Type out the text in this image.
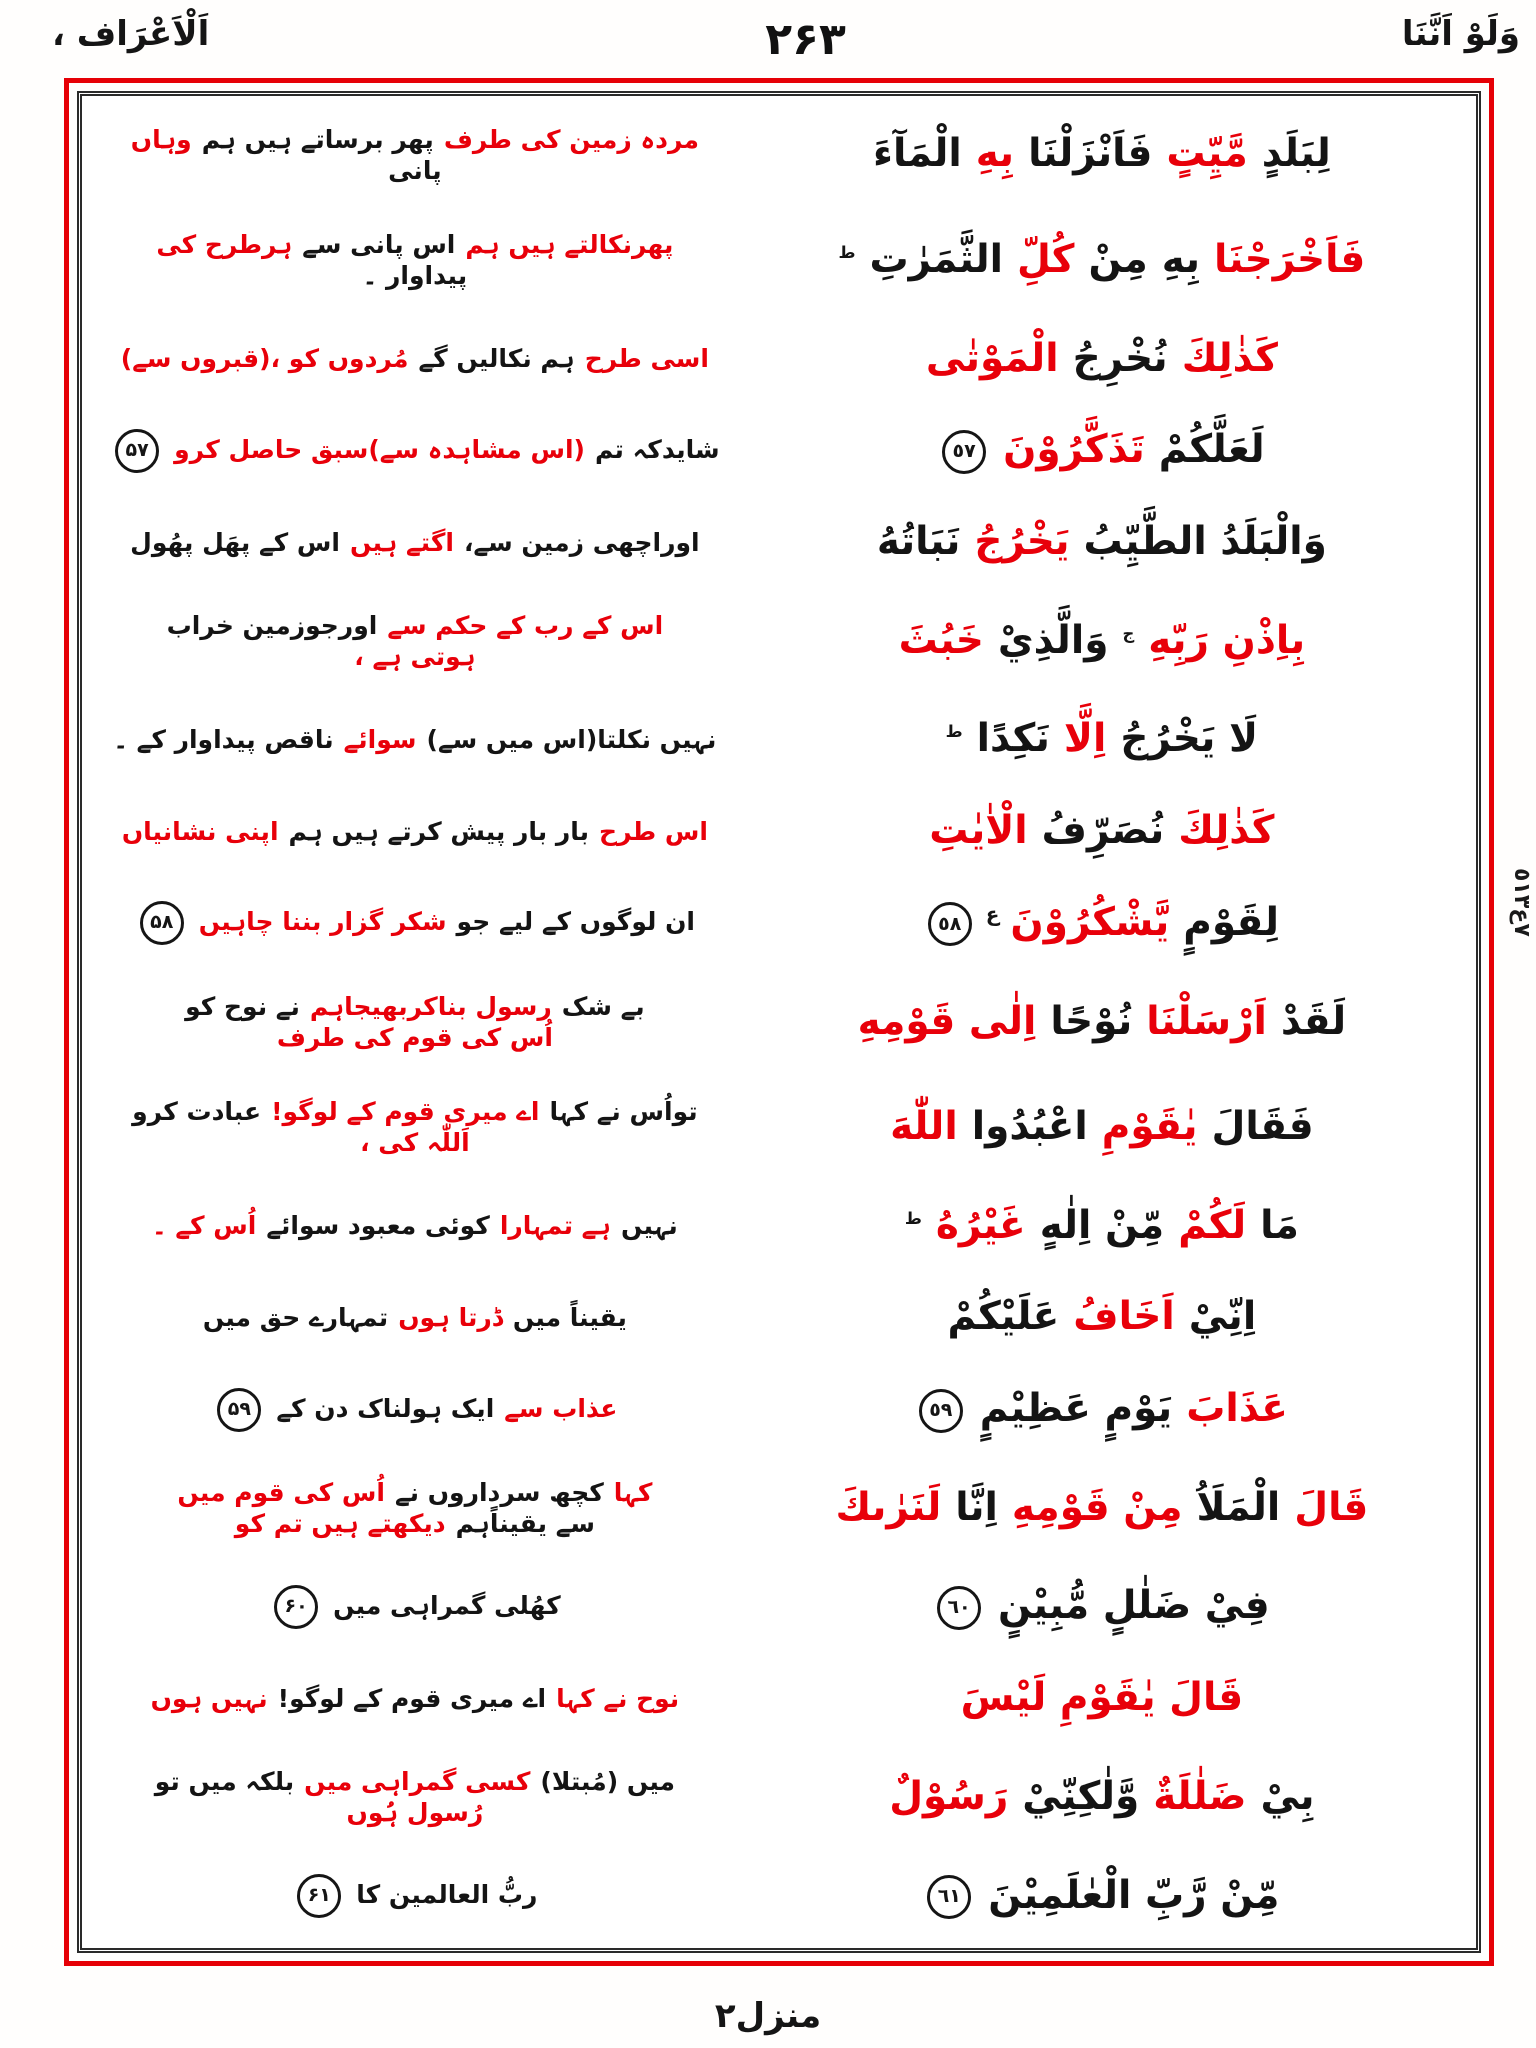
اَلْاَعْرَاف ،	۲۶۳	وَلَوْ اَنَّنَا
مردہ زمین کی طرفپھر برساتے ہیں ہموہاںپانی	لِبَلَدٍمَّيِّتٍفَاَنْزَلْنَابِهِالْمَآءَ
پھرنکالتے ہیں ہماس پانی سےہرطرح کیپیداوار ۔	فَاَخْرَجْنَابِهِمِنْكُلِّالثَّمَرٰتِط
اسی طرحہم نکالیں گےمُردوں کو ،(قبروں سے)	كَذٰلِكَنُخْرِجُالْمَوْتٰى
شایدکہ تم(اس مشاہدہ سے)سبق حاصل کرو۵۷	لَعَلَّكُمْتَذَكَّرُوْنَ٥٧
اوراچھی زمین سے،اگتے ہیںاس کے پھَل پھُول	وَالْبَلَدُ الطَّيِّبُيَخْرُجُنَبَاتُهُ
اس کے رب کے حکم سےاورجوزمین خرابہوتی ہے ،	بِاِذْنِ رَبِّهِجوَالَّذِيْخَبُثَ
نہیں نکلتا(اس میں سے)سوائےناقص پیداوار کے ۔	لَا يَخْرُجُاِلَّانَكِدًاط
اس طرحبار بار پیش کرتے ہیں ہماپنی نشانیاں	كَذٰلِكَنُصَرِّفُالْاٰيٰتِ
ان لوگوں کے لیے جوشکر گزار بننا چاہیں۵۸	لِقَوْمٍيَّشْكُرُوْنَ$^ع$٥٨
بے شکرسول بناکربھیجاہمنے نوح کواُس کی قوم کی طرف	لَقَدْاَرْسَلْنَانُوْحًااِلٰى قَوْمِهِ
تواُس نے کہااے میری قوم کے لوگو!عبادت کرواَللّٰہ کی ،	فَقَالَيٰقَوْمِاعْبُدُوااللّٰهَ
نہیںہے تمہاراکوئی معبود سوائےاُس کے ۔	مَالَكُمْمِّنْ اِلٰهٍغَيْرُهُط
یقیناً میںڈرتا ہوںتمہارے حق میں	اِنِّيْاَخَافُعَلَيْكُمْ
عذاب سےایک ہولناک دن کے۵۹	عَذَابَيَوْمٍ عَظِيْمٍ٥٩
کہاکچھ سرداروں نےاُس کی قوم میںسے یقیناًہمدیکھتے ہیں تم کو	قَالَالْمَلَاُمِنْ قَوْمِهِاِنَّالَنَرٰىكَ
کھُلی گمراہی میں۶۰	فِيْ ضَلٰلٍ مُّبِيْنٍ٦٠
نوح نے کہااے میری قوم کے لوگو!نہیں ہوں	قَالَ يٰقَوْمِ لَيْسَ
میں (مُبتلا)کسی گمراہی میںبلکہ میں تورُسول ہُوں	بِيْضَلٰلَةٌوَّلٰكِنِّيْرَسُوْلٌ
ربُّ العالمین کا۶۱	مِّنْ رَّبِّ الْعٰلَمِيْنَ٦١
٧ع٥١٣
منزل۲
